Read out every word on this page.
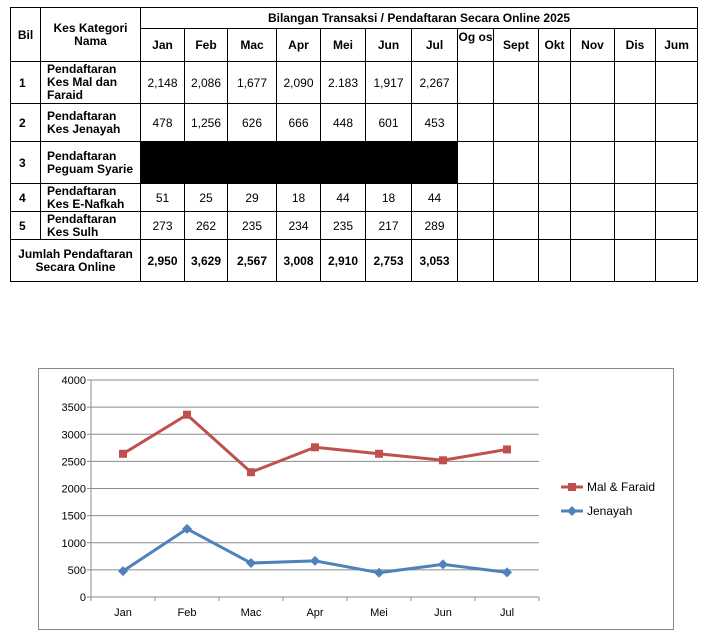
Bil	Kes Kategori Nama	Bilangan Transaksi / Pendaftaran Secara Online 2025												
		Jan	Feb	Mac	Apr	Mei	Jun	Jul	Og os	Sept	Okt	Nov	Dis	Jum
1	Pendaftaran Kes Mal dan Faraid	2,148	2,086	1,677	2,090	2.183	1,917	2,267						
2	Pendaftaran Kes Jenayah	478	1,256	626	666	448	601	453						
3	Pendaftaran Peguam Syarie													
4	Pendaftaran Kes E-Nafkah	51	25	29	18	44	18	44						
5	Pendaftaran Kes Sulh	273	262	235	234	235	217	289						
Jumlah Pendaftaran Secara Online		2,950	3,629	2,567	3,008	2,910	2,753	3,053						
0
500
1000
1500
2000
2500
3000
3500
4000
Jan	Feb	Mac	Apr	Mei	Jun	Jul
Mal & Faraid
Jenayah
